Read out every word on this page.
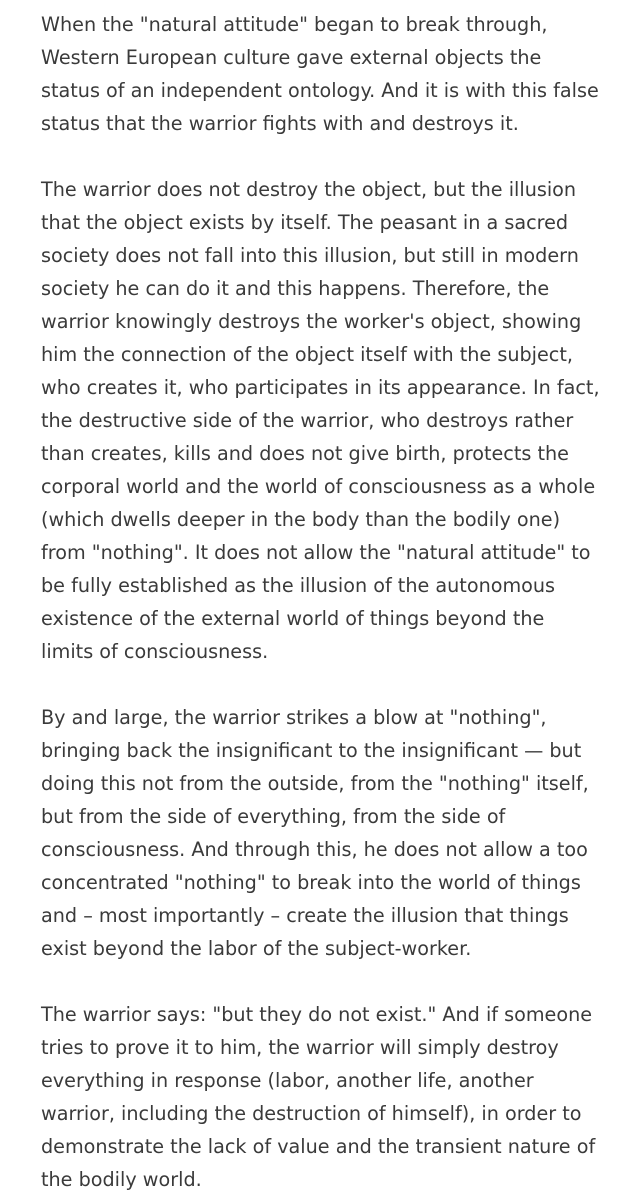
When the "natural attitude" began to break through,
Western European culture gave external objects the
status of an independent ontology. And it is with this false
status that the warrior fights with and destroys it.

The warrior does not destroy the object, but the illusion
that the object exists by itself. The peasant in a sacred
society does not fall into this illusion, but still in modern
society he can do it and this happens. Therefore, the
warrior knowingly destroys the worker's object, showing
him the connection of the object itself with the subject,
who creates it, who participates in its appearance. In fact,
the destructive side of the warrior, who destroys rather
than creates, kills and does not give birth, protects the
corporal world and the world of consciousness as a whole
(which dwells deeper in the body than the bodily one)
from "nothing". It does not allow the "natural attitude" to
be fully established as the illusion of the autonomous
existence of the external world of things beyond the
limits of consciousness.

By and large, the warrior strikes a blow at "nothing",
bringing back the insignificant to the insignificant — but
doing this not from the outside, from the "nothing" itself,
but from the side of everything, from the side of
consciousness. And through this, he does not allow a too
concentrated "nothing" to break into the world of things
and – most importantly – create the illusion that things
exist beyond the labor of the subject-worker.

The warrior says: "but they do not exist." And if someone
tries to prove it to him, the warrior will simply destroy
everything in response (labor, another life, another
warrior, including the destruction of himself), in order to
demonstrate the lack of value and the transient nature of
the bodily world.
